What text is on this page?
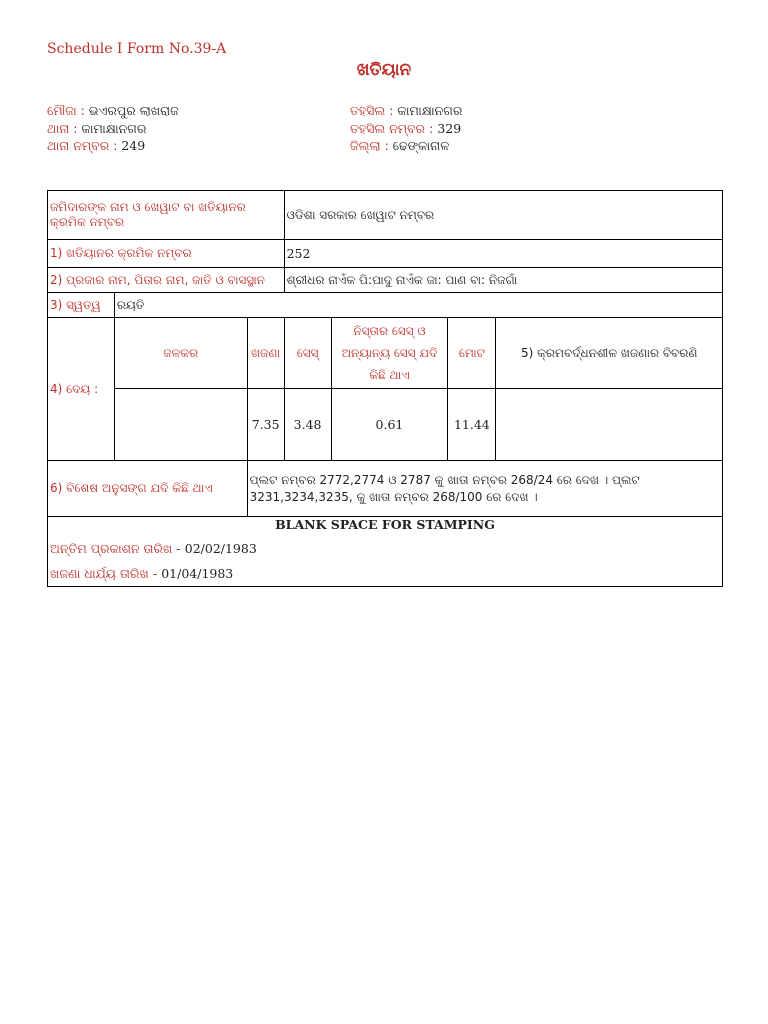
Schedule I Form No.39-A
ଖତିୟାନ
ମୌଜା : ଭଏରପୁର ଲାଖରାଜ
ଥାନା : କାମାକ୍ଷାନଗର
ଥାନା ନମ୍ବର : 249
ତହସିଲ : କାମାକ୍ଷାନଗର
ତହସିଲ ନମ୍ବର : 329
ଜିଲ୍ଲା : ଢେଙ୍କାନାଳ
ଜମିଦାରଙ୍କ ନାମ ଓ ଖେୱାଟ ବା ଖତିୟାନର କ୍ରମିକ ନମ୍ବର			ଓଡିଶା ସରକାର ଖେୱାଟ ନମ୍ବର			
1) ଖତିୟାନର କ୍ରମିକ ନମ୍ବର			252			
2) ପ୍ରଜାର ନାମ, ପିତାର ନାମ, ଜାତି ଓ ବାସସ୍ଥାନ			ଶ୍ରୀଧର ନାଏଁକ ପି:ପାଦୁ ନାଏଁକ ଜା: ପାଣ ବା: ନିଜଗାଁ			
3) ସ୍ୱତ୍ୱ	ରୟତି					
4) ଦେୟ :	ଜଳକର	ଖଜଣା	ସେସ୍	ନିସ୍ତାର ସେସ୍ ଓ ଅନ୍ୟାନ୍ୟ ସେସ୍ ଯଦି କିଛି ଥାଏ	ମୋଟ	5) କ୍ରମବର୍ଦ୍ଧନଶୀଳ ଖଜଣାର ବିବରଣି
		7.35	3.48	0.61	11.44	
6) ବିଶେଷ ଅନୁସଙ୍ଗ ଯଦି କିଛି ଥାଏ		ପ୍ଲଟ ନମ୍ବର 2772,2774 ଓ 2787 କୁ ଖାତା ନମ୍ବର 268/24 ରେ ଦେଖ । ପ୍ଲଟ 3231,3234,3235, କୁ ଖାତା ନମ୍ବର 268/100 ରେ ଦେଖ ।				

BLANK SPACE FOR STAMPING
ଅନ୍ତିମ ପ୍ରକାଶନ ତାରିଖ - 02/02/1983
ଖଜଣା ଧାର୍ଯ୍ୟ ତାରିଖ - 01/04/1983						
